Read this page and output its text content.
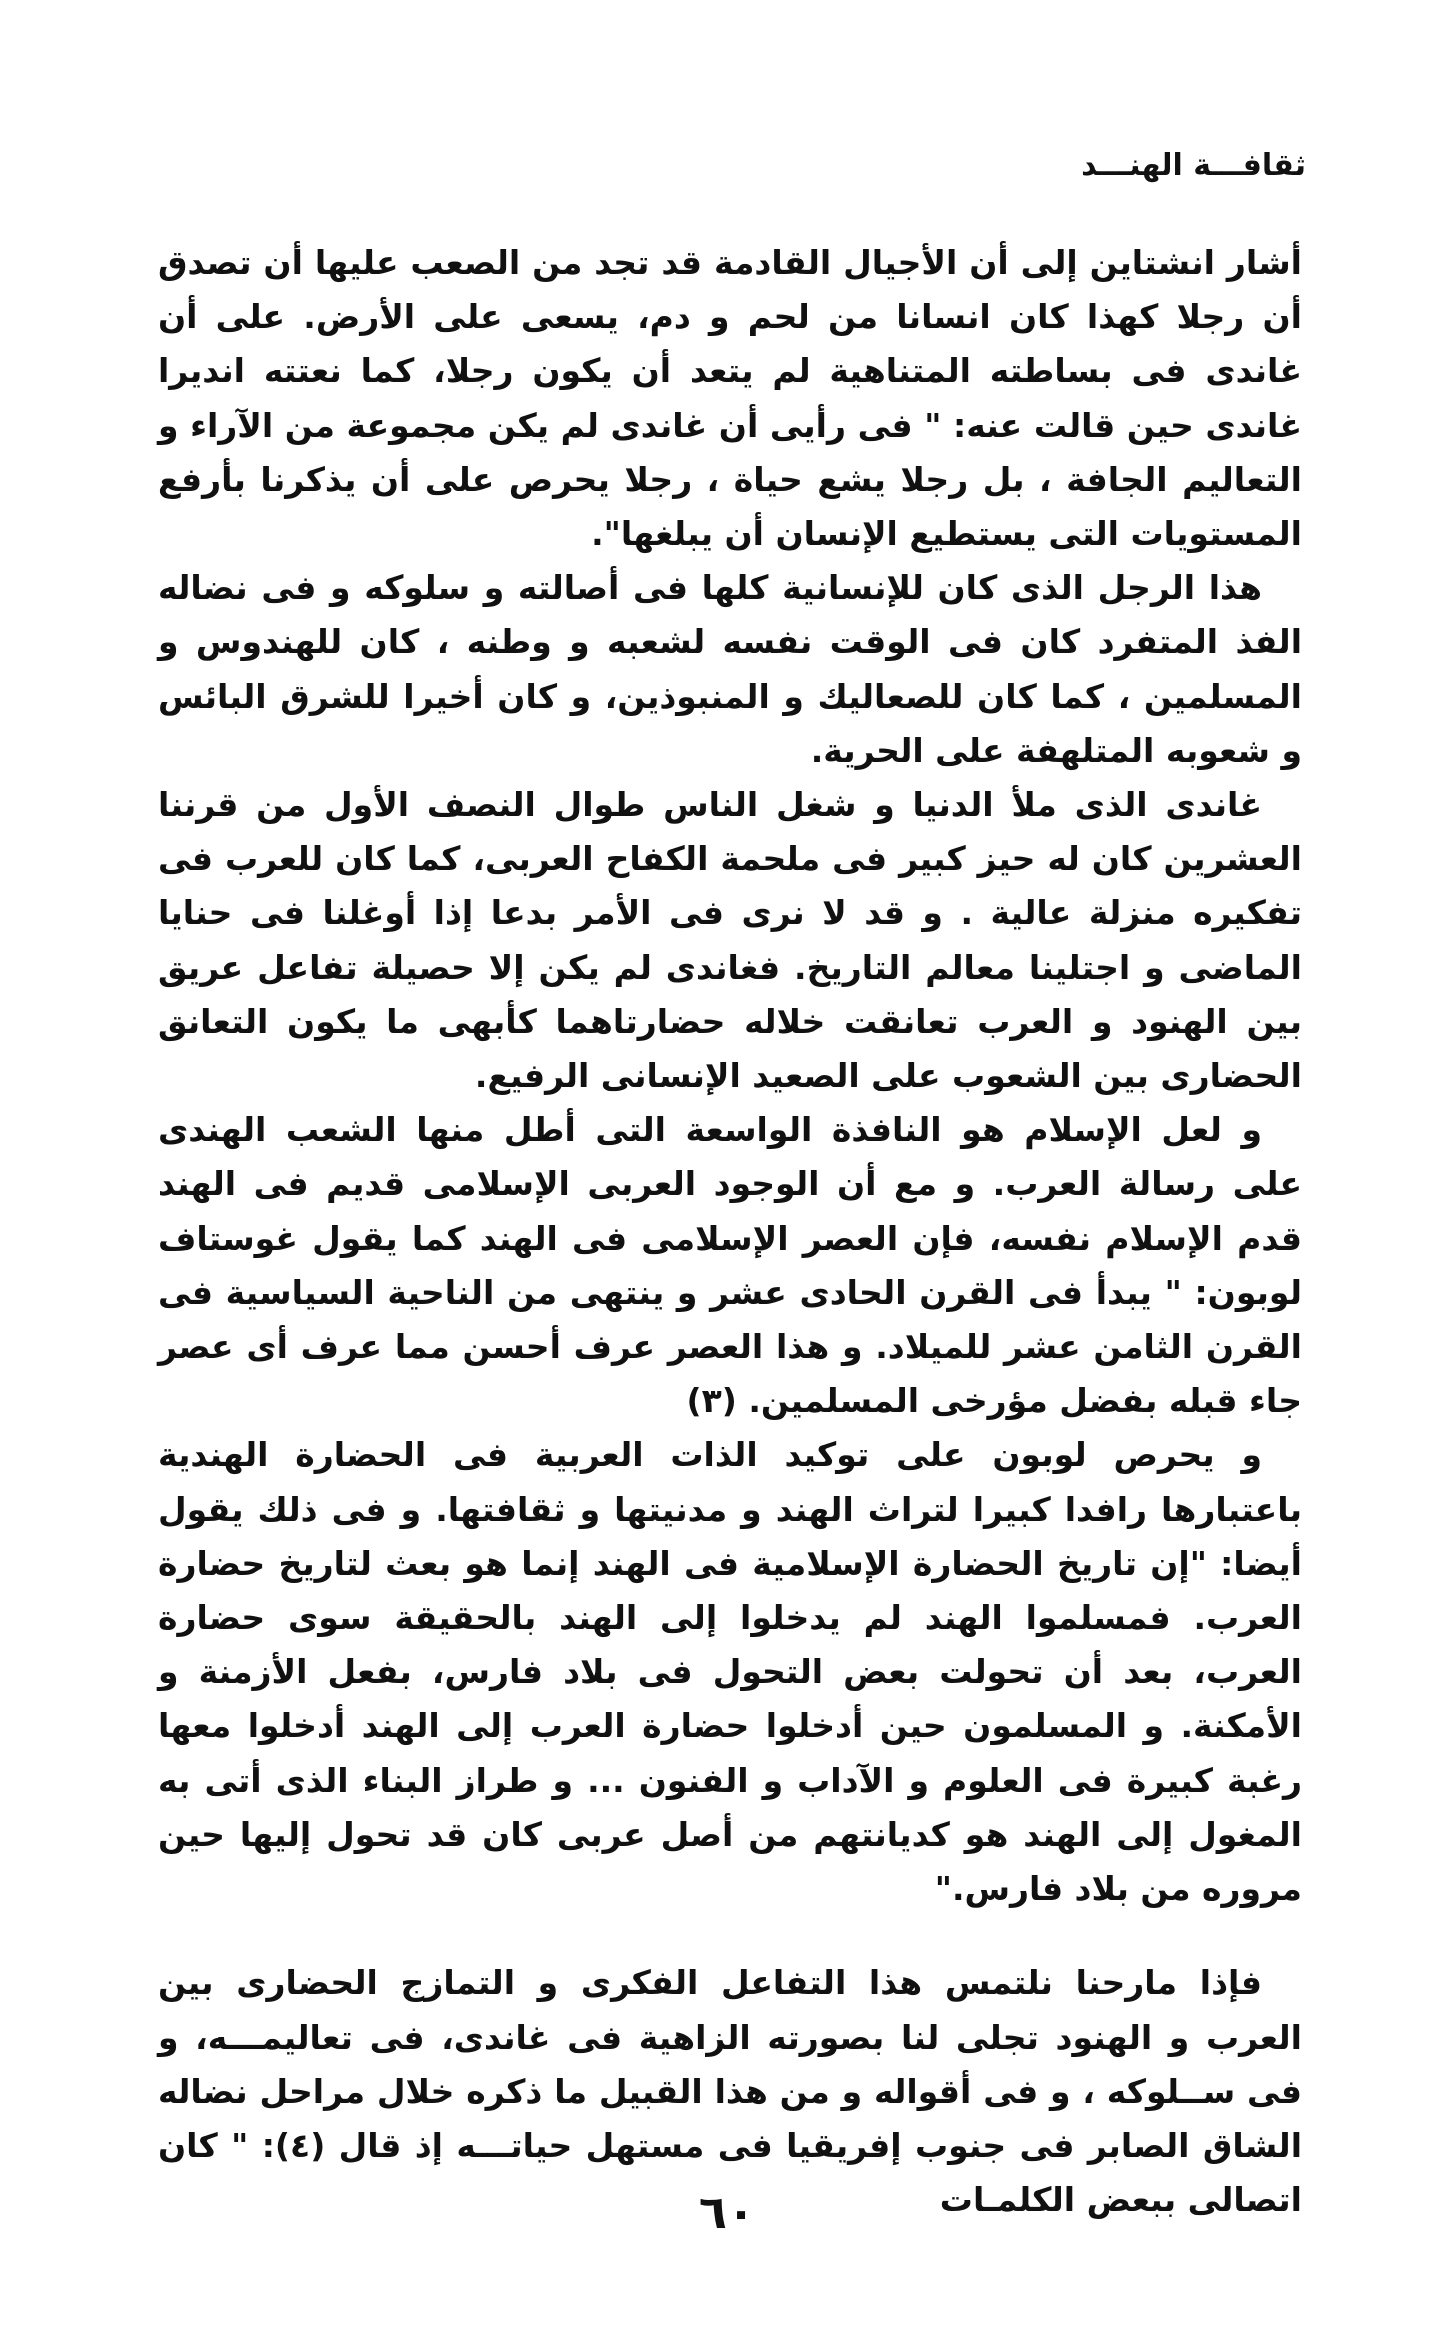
ثقافـــة الهنـــد

أشار انشتاين إلى أن الأجيال القادمة قد تجد من الصعب عليها أن تصدق أن رجلا كهذا كان انسانا من لحم و دم، يسعى على الأرض. على أن غاندى فى بساطته المتناهية لم يتعد أن يكون رجلا، كما نعتته انديرا غاندى حين قالت عنه: " فى رأيى أن غاندى لم يكن مجموعة من الآراء و التعاليم الجافة ، بل رجلا يشع حياة ، رجلا يحرص على أن يذكرنا بأرفع المستويات التى يستطيع الإنسان أن يبلغها".

هذا الرجل الذى كان للإنسانية كلها فى أصالته و سلوكه و فى نضاله الفذ المتفرد كان فى الوقت نفسه لشعبه و وطنه ، كان للهندوس و المسلمين ، كما كان للصعاليك و المنبوذين، و كان أخيرا للشرق البائس و شعوبه المتلهفة على الحرية.

غاندى الذى ملأ الدنيا و شغل الناس طوال النصف الأول من قرننا العشرين كان له حيز كبير فى ملحمة الكفاح العربى، كما كان للعرب فى تفكيره منزلة عالية . و قد لا نرى فى الأمر بدعا إذا أوغلنا فى حنايا الماضى و اجتلينا معالم التاريخ. فغاندى لم يكن إلا حصيلة تفاعل عريق بين الهنود و العرب تعانقت خلاله حضارتاهما كأبهى ما يكون التعانق الحضارى بين الشعوب على الصعيد الإنسانى الرفيع.

و لعل الإسلام هو النافذة الواسعة التى أطل منها الشعب الهندى على رسالة العرب. و مع أن الوجود العربى الإسلامى قديم فى الهند قدم الإسلام نفسه، فإن العصر الإسلامى فى الهند كما يقول غوستاف لوبون: " يبدأ فى القرن الحادى عشر و ينتهى من الناحية السياسية فى القرن الثامن عشر للميلاد. و هذا العصر عرف أحسن مما عرف أى عصر جاء قبله بفضل مؤرخى المسلمين. (٣)

و يحرص لوبون على توكيد الذات العربية فى الحضارة الهندية باعتبارها رافدا كبيرا لتراث الهند و مدنيتها و ثقافتها. و فى ذلك يقول أيضا: "إن تاريخ الحضارة الإسلامية فى الهند إنما هو بعث لتاريخ حضارة العرب. فمسلموا الهند لم يدخلوا إلى الهند بالحقيقة سوى حضارة العرب، بعد أن تحولت بعض التحول فى بلاد فارس، بفعل الأزمنة و الأمكنة. و المسلمون حين أدخلوا حضارة العرب إلى الهند أدخلوا معها رغبة كبيرة فى العلوم و الآداب و الفنون ... و طراز البناء الذى أتى به المغول إلى الهند هو كديانتهم من أصل عربى كان قد تحول إليها حين مروره من بلاد فارس."

فإذا مارحنا نلتمس هذا التفاعل الفكرى و التمازج الحضارى بين العرب و الهنود تجلى لنا بصورته الزاهية فى غاندى، فى تعاليمـــه، و فى ســلوكه ، و فى أقواله و من هذا القبيل ما ذكره خلال مراحل نضاله الشاق الصابر فى جنوب إفريقيا فى مستهل حياتـــه إذ قال (٤): " كان اتصالى ببعض الكلمـات

٦٠
